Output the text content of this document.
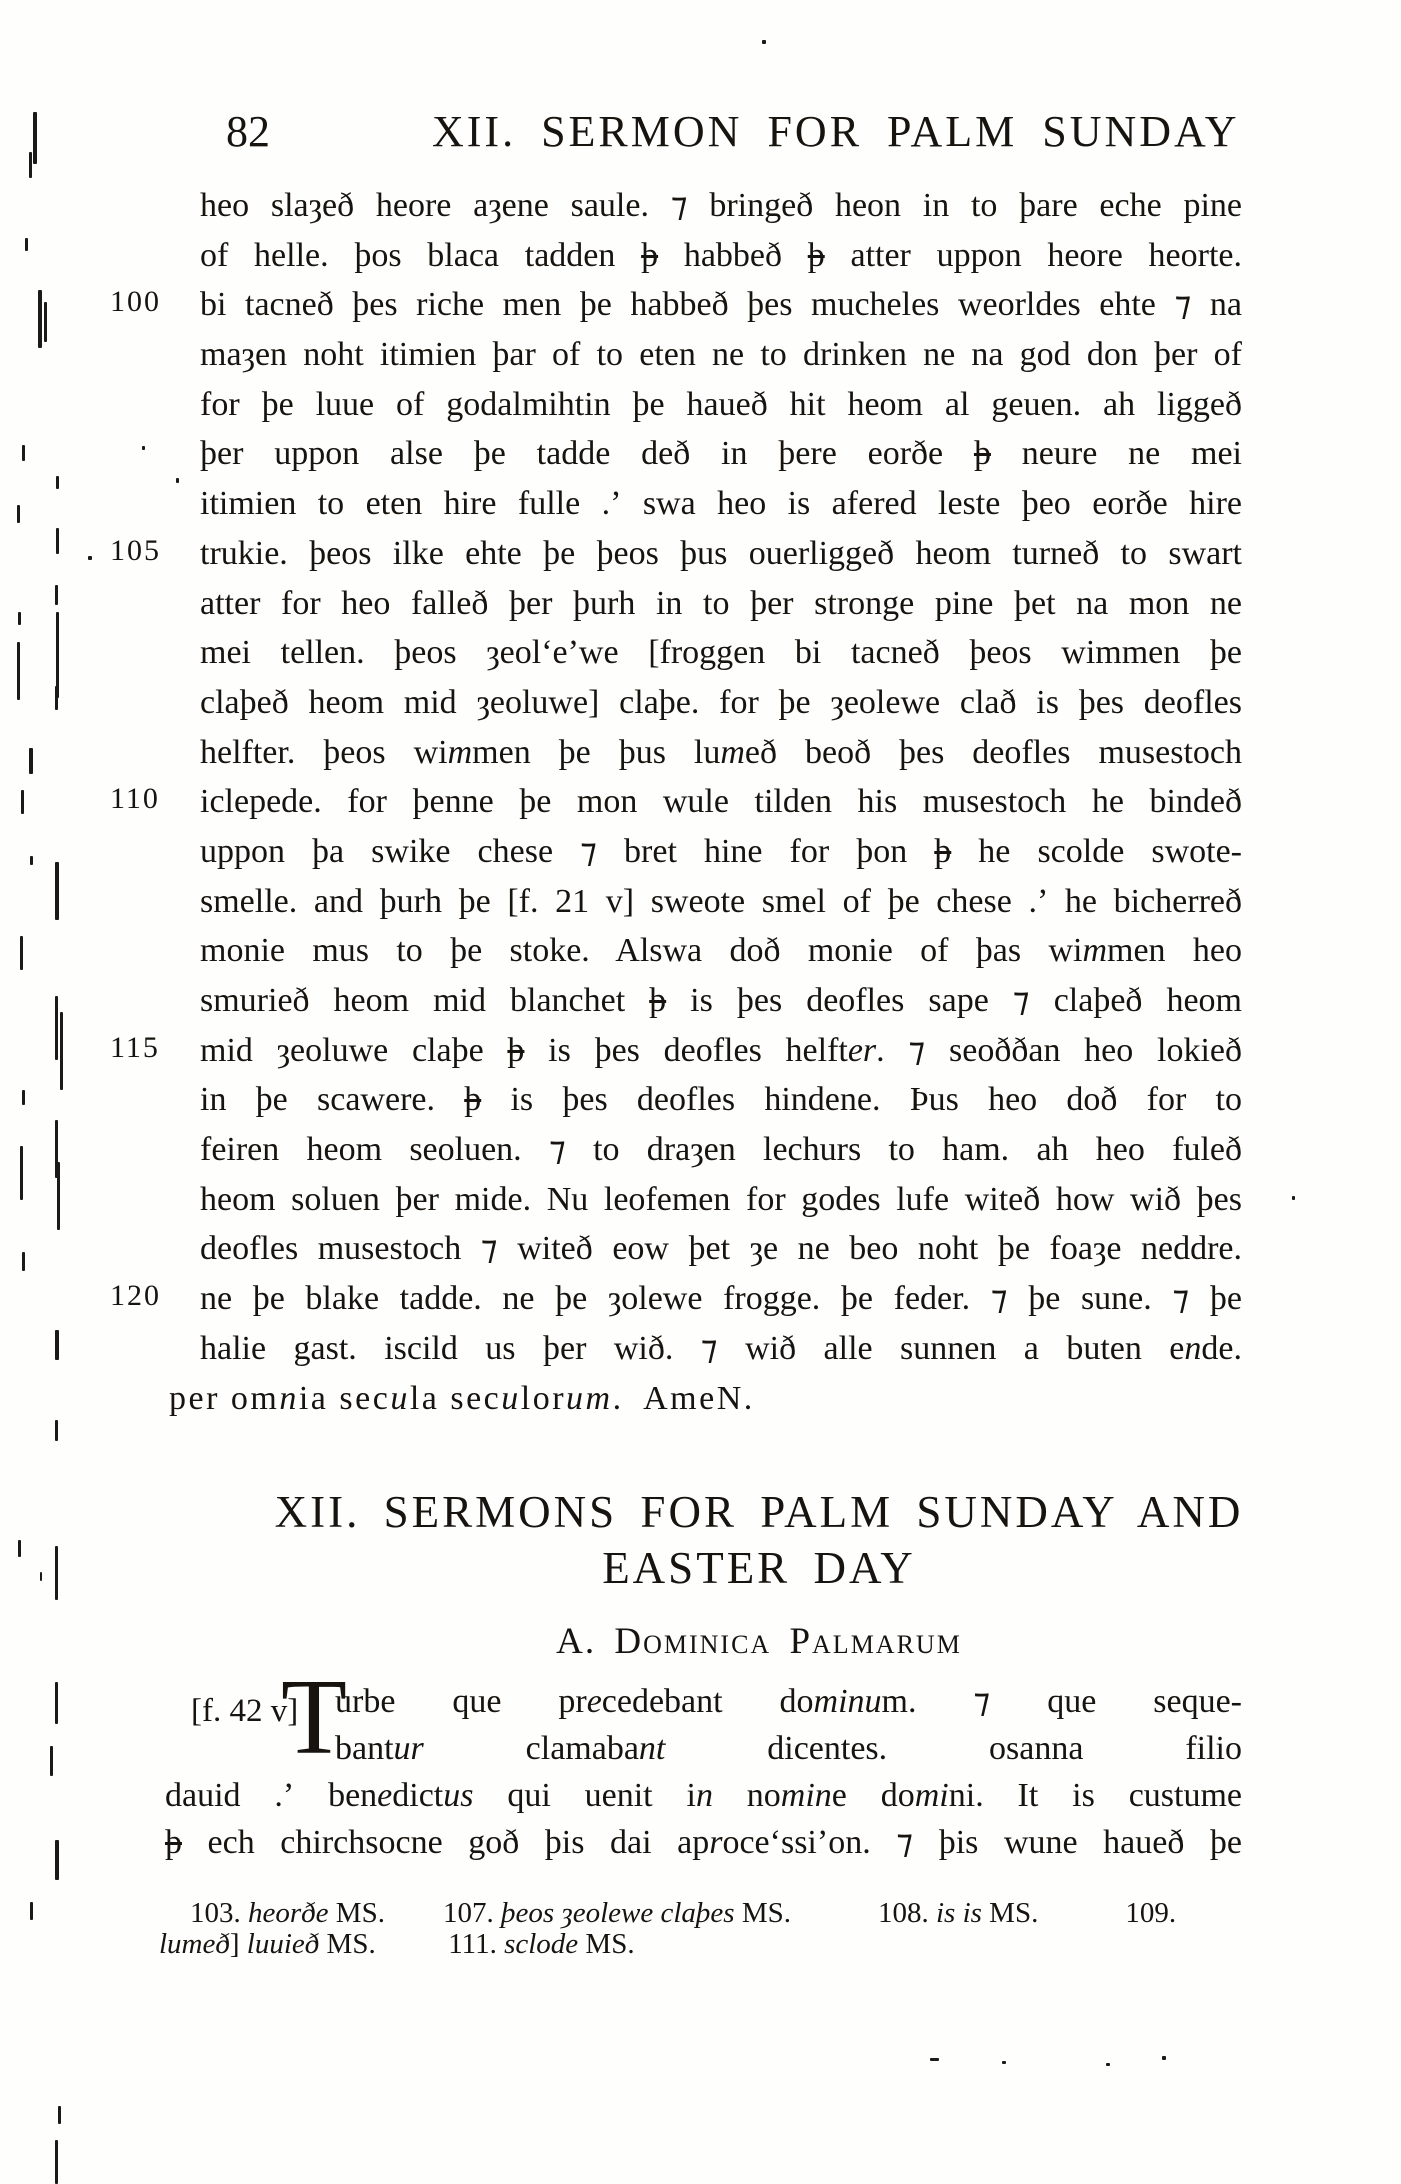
82	XII. SERMON FOR PALM SUNDAY
heo slaȝeð heore aȝene saule. ⁊ bringeð heon in to þare eche pine
of helle. þos blaca tadden þ habbeð þ atter uppon heore heorte.
100	bi tacneð þes riche men þe habbeð þes mucheles weorldes ehte ⁊ na
maȝen noht itimien þar of to eten ne to drinken ne na god don þer of
for þe luue of godalmihtin þe haueð hit heom al geuen. ah liggeð
þer uppon alse þe tadde deð in þere eorðe þ neure ne mei
itimien to eten hire fulle .ʼ swa heo is afered leste þeo eorðe hire
105	trukie. þeos ilke ehte þe þeos þus ouerliggeð heom turneð to swart
atter for heo falleð þer þurh in to þer stronge pine þet na mon ne
mei tellen. þeos ȝeolʻeʼwe [froggen bi tacneð þeos wimmen þe
claþeð heom mid ȝeoluwe] claþe. for þe ȝeolewe clað is þes deofles
helfter. þeos wimmen þe þus lumeð beoð þes deofles musestoch
110	iclepede. for þenne þe mon wule tilden his musestoch he bindeð
uppon þa swike chese ⁊ bret hine for þon þ he scolde swote-
smelle. and þurh þe [f. 21 v] sweote smel of þe chese .ʼ he bicherreð
monie mus to þe stoke. Alswa doð monie of þas wimmen heo
smurieð heom mid blanchet þ is þes deofles sape ⁊ claþeð heom
115	mid ȝeoluwe claþe þ is þes deofles helfter. ⁊ seoððan heo lokieð
in þe scawere. þ is þes deofles hindene. Þus heo doð for to
feiren heom seoluen. ⁊ to draȝen lechurs to ham. ah heo fuleð
heom soluen þer mide. Nu leofemen for godes lufe witeð how wið þes
deofles musestoch ⁊ witeð eow þet ȝe ne beo noht þe foaȝe neddre.
120	ne þe blake tadde. ne þe ȝolewe frogge. þe feder. ⁊ þe sune. ⁊ þe
halie gast. iscild us þer wið. ⁊ wið alle sunnen a buten ende.
per omnia secula seculorum. AmeN.
XII. SERMONS FOR PALM SUNDAY AND
EASTER DAY
A. Dominica Palmarum
[f. 42 v]
T
urbe que precedebant dominum. ⁊ que seque-
bantur clamabant dicentes. osanna filio
dauid .ʼ benedictus qui uenit in nomine domini. It is custume
þ ech chirchsocne goð þis dai aproceʻssiʼon. ⁊ þis wune haueð þe
103. heorðe MS.   107. þeos ȝeolewe claþes MS.   	108. is is MS.   	109.
lumeð] luuieð MS.   	111. sclode MS.
